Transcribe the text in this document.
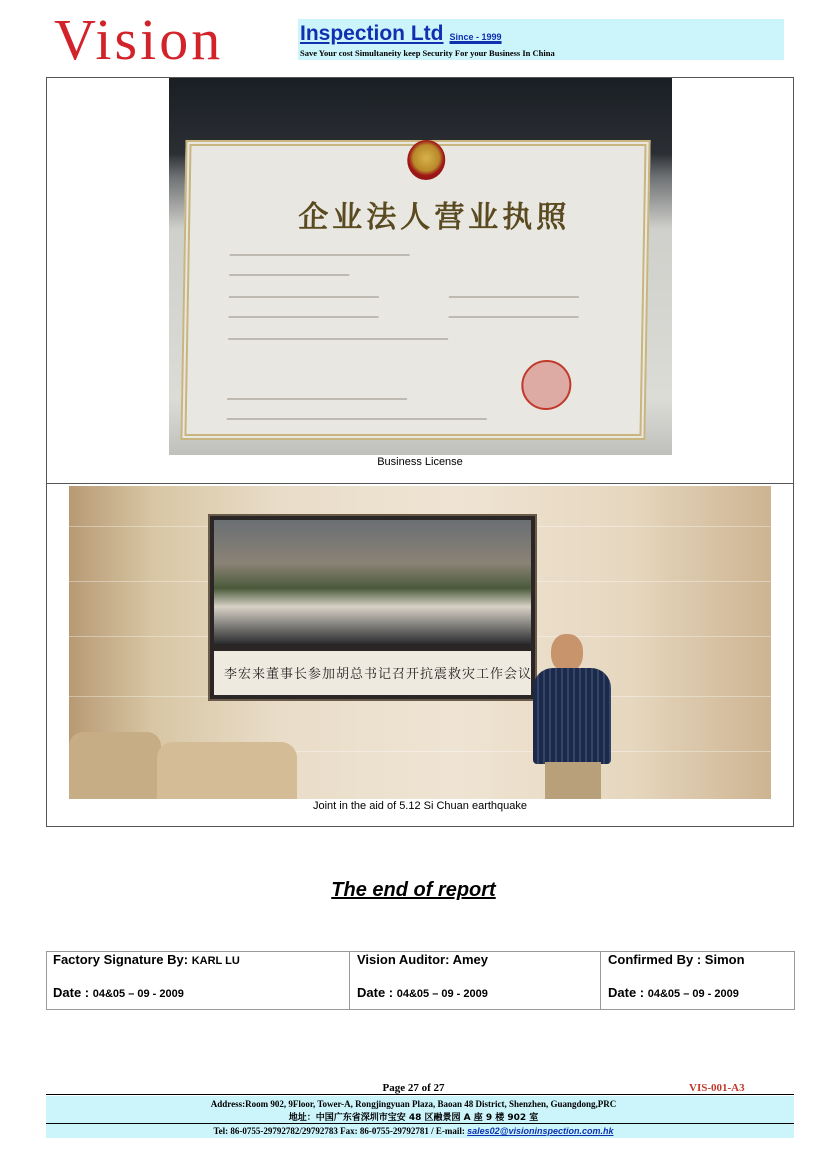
Vision	Inspection Ltd Since - 1999
Save Your cost Simultaneity keep Security For your Business In China
企业法人营业执照
Business License
李宏来董事长参加胡总书记召开抗震救灾工作会议
Joint in the aid of 5.12 Si Chuan earthquake
The end of report
Factory Signature By: KARL LU
Date : 04&05 – 09 - 2009
Vision Auditor: Amey
Date : 04&05 – 09 - 2009
Confirmed By : Simon
Date : 04&05 – 09 - 2009
Page 27 of 27	VIS-001-A3
Address:Room 902, 9Floor, Tower-A, Rongjingyuan Plaza, Baoan 48 District, Shenzhen, Guangdong,PRC
地址：中国广东省深圳市宝安 48 区融景园 A 座 9 楼 902 室
Tel: 86-0755-29792782/29792783 Fax: 86-0755-29792781 / E-mail: sales02@visioninspection.com.hk
